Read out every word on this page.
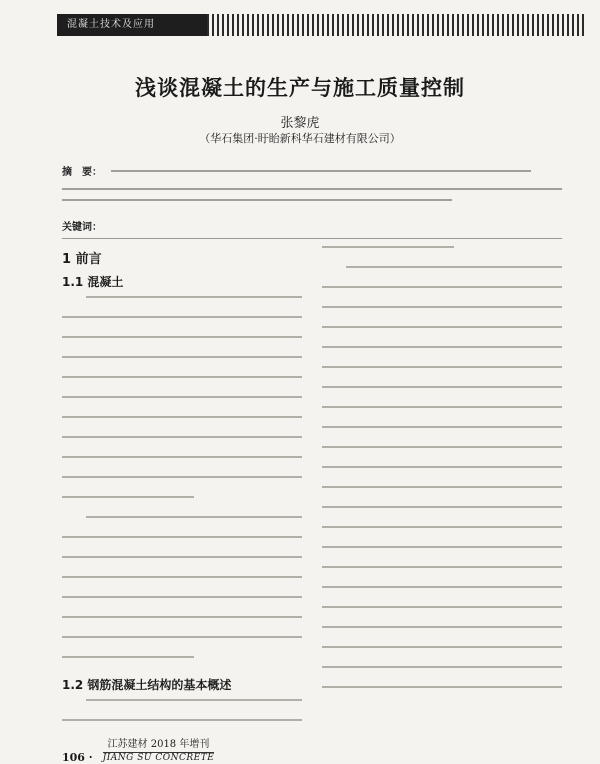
混凝土技术及应用
浅谈混凝土的生产与施工质量控制
张黎虎
（华石集团·盱眙新科华石建材有限公司）
摘　要：
关键词：
1 前言
1.1 混凝土
1.2 钢筋混凝土结构的基本概述
106 ·
江苏建材 2018 年增刊
JIANG SU CONCRETE
